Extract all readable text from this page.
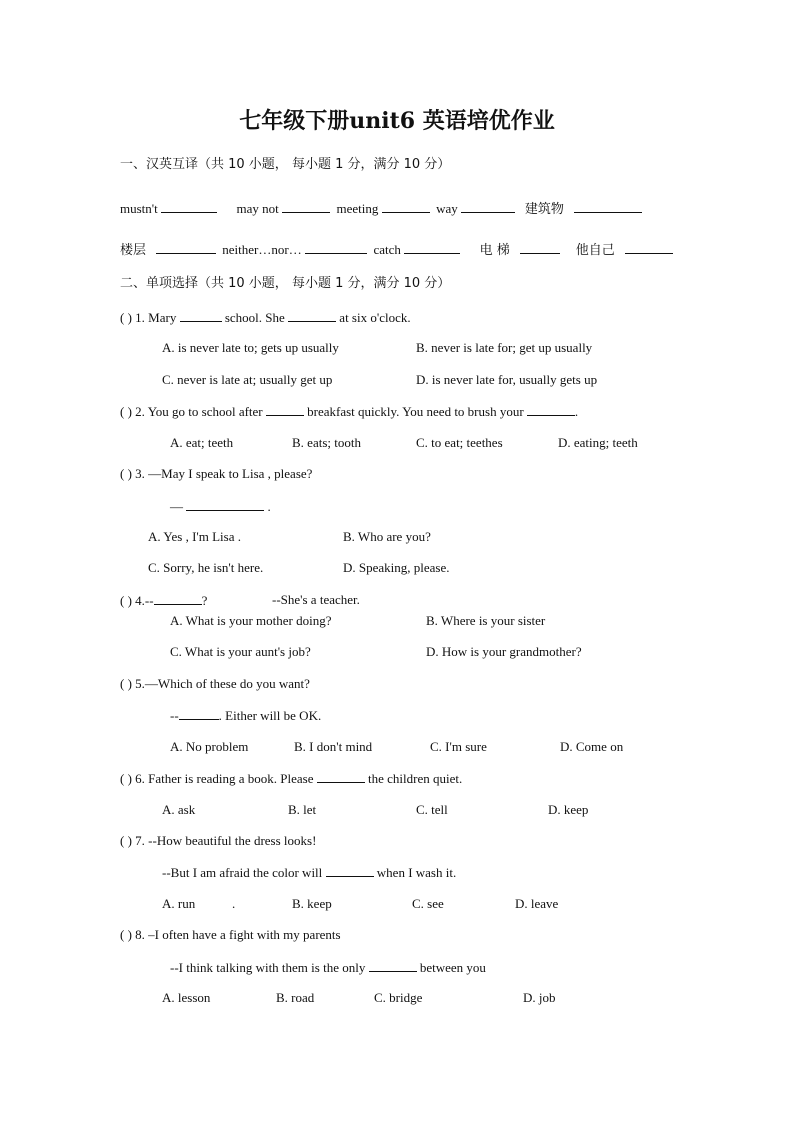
七年级下册unit6 英语培优作业
一、汉英互译（共 10 小题， 每小题 1 分，满分 10 分）
mustn't	may not	meeting	way	建筑物
楼层	neither…nor…	catch	电 梯	他自己
二、单项选择（共 10 小题， 每小题 1 分，满分 10 分）
( ) 1. Mary	school. She	at six o'clock.
A. is never late to; gets up usually	B. never is late for; get up usually
C. never is late at; usually get up	D. is never late for, usually gets up
( ) 2. You go to school after	breakfast quickly. You need to brush your	.
A. eat; teeth	B. eats; tooth	C. to eat; teethes	D. eating; teeth
( ) 3. —May I speak to Lisa , please?
—	.
A. Yes , I'm Lisa .	B. Who are you?
C. Sorry, he isn't here.	D. Speaking, please.
( ) 4.--	?	--She's a teacher.
A. What is your mother doing?	B. Where is your sister
C. What is your aunt's job?	D. How is your grandmother?
( ) 5.—Which of these do you want?
--	. Either will be OK.
A. No problem	B. I don't mind	C. I'm sure	D. Come on
( ) 6. Father is reading a book. Please	the children quiet.
A. ask	B. let	C. tell	D. keep
( ) 7. --How beautiful the dress looks!
--But I am afraid the color will	when I wash it.
A. run	.	B. keep	C. see	D. leave
( ) 8. –I often have a fight with my parents
--I think talking with them is the only	between you
A. lesson	B. road	C. bridge	D. job
